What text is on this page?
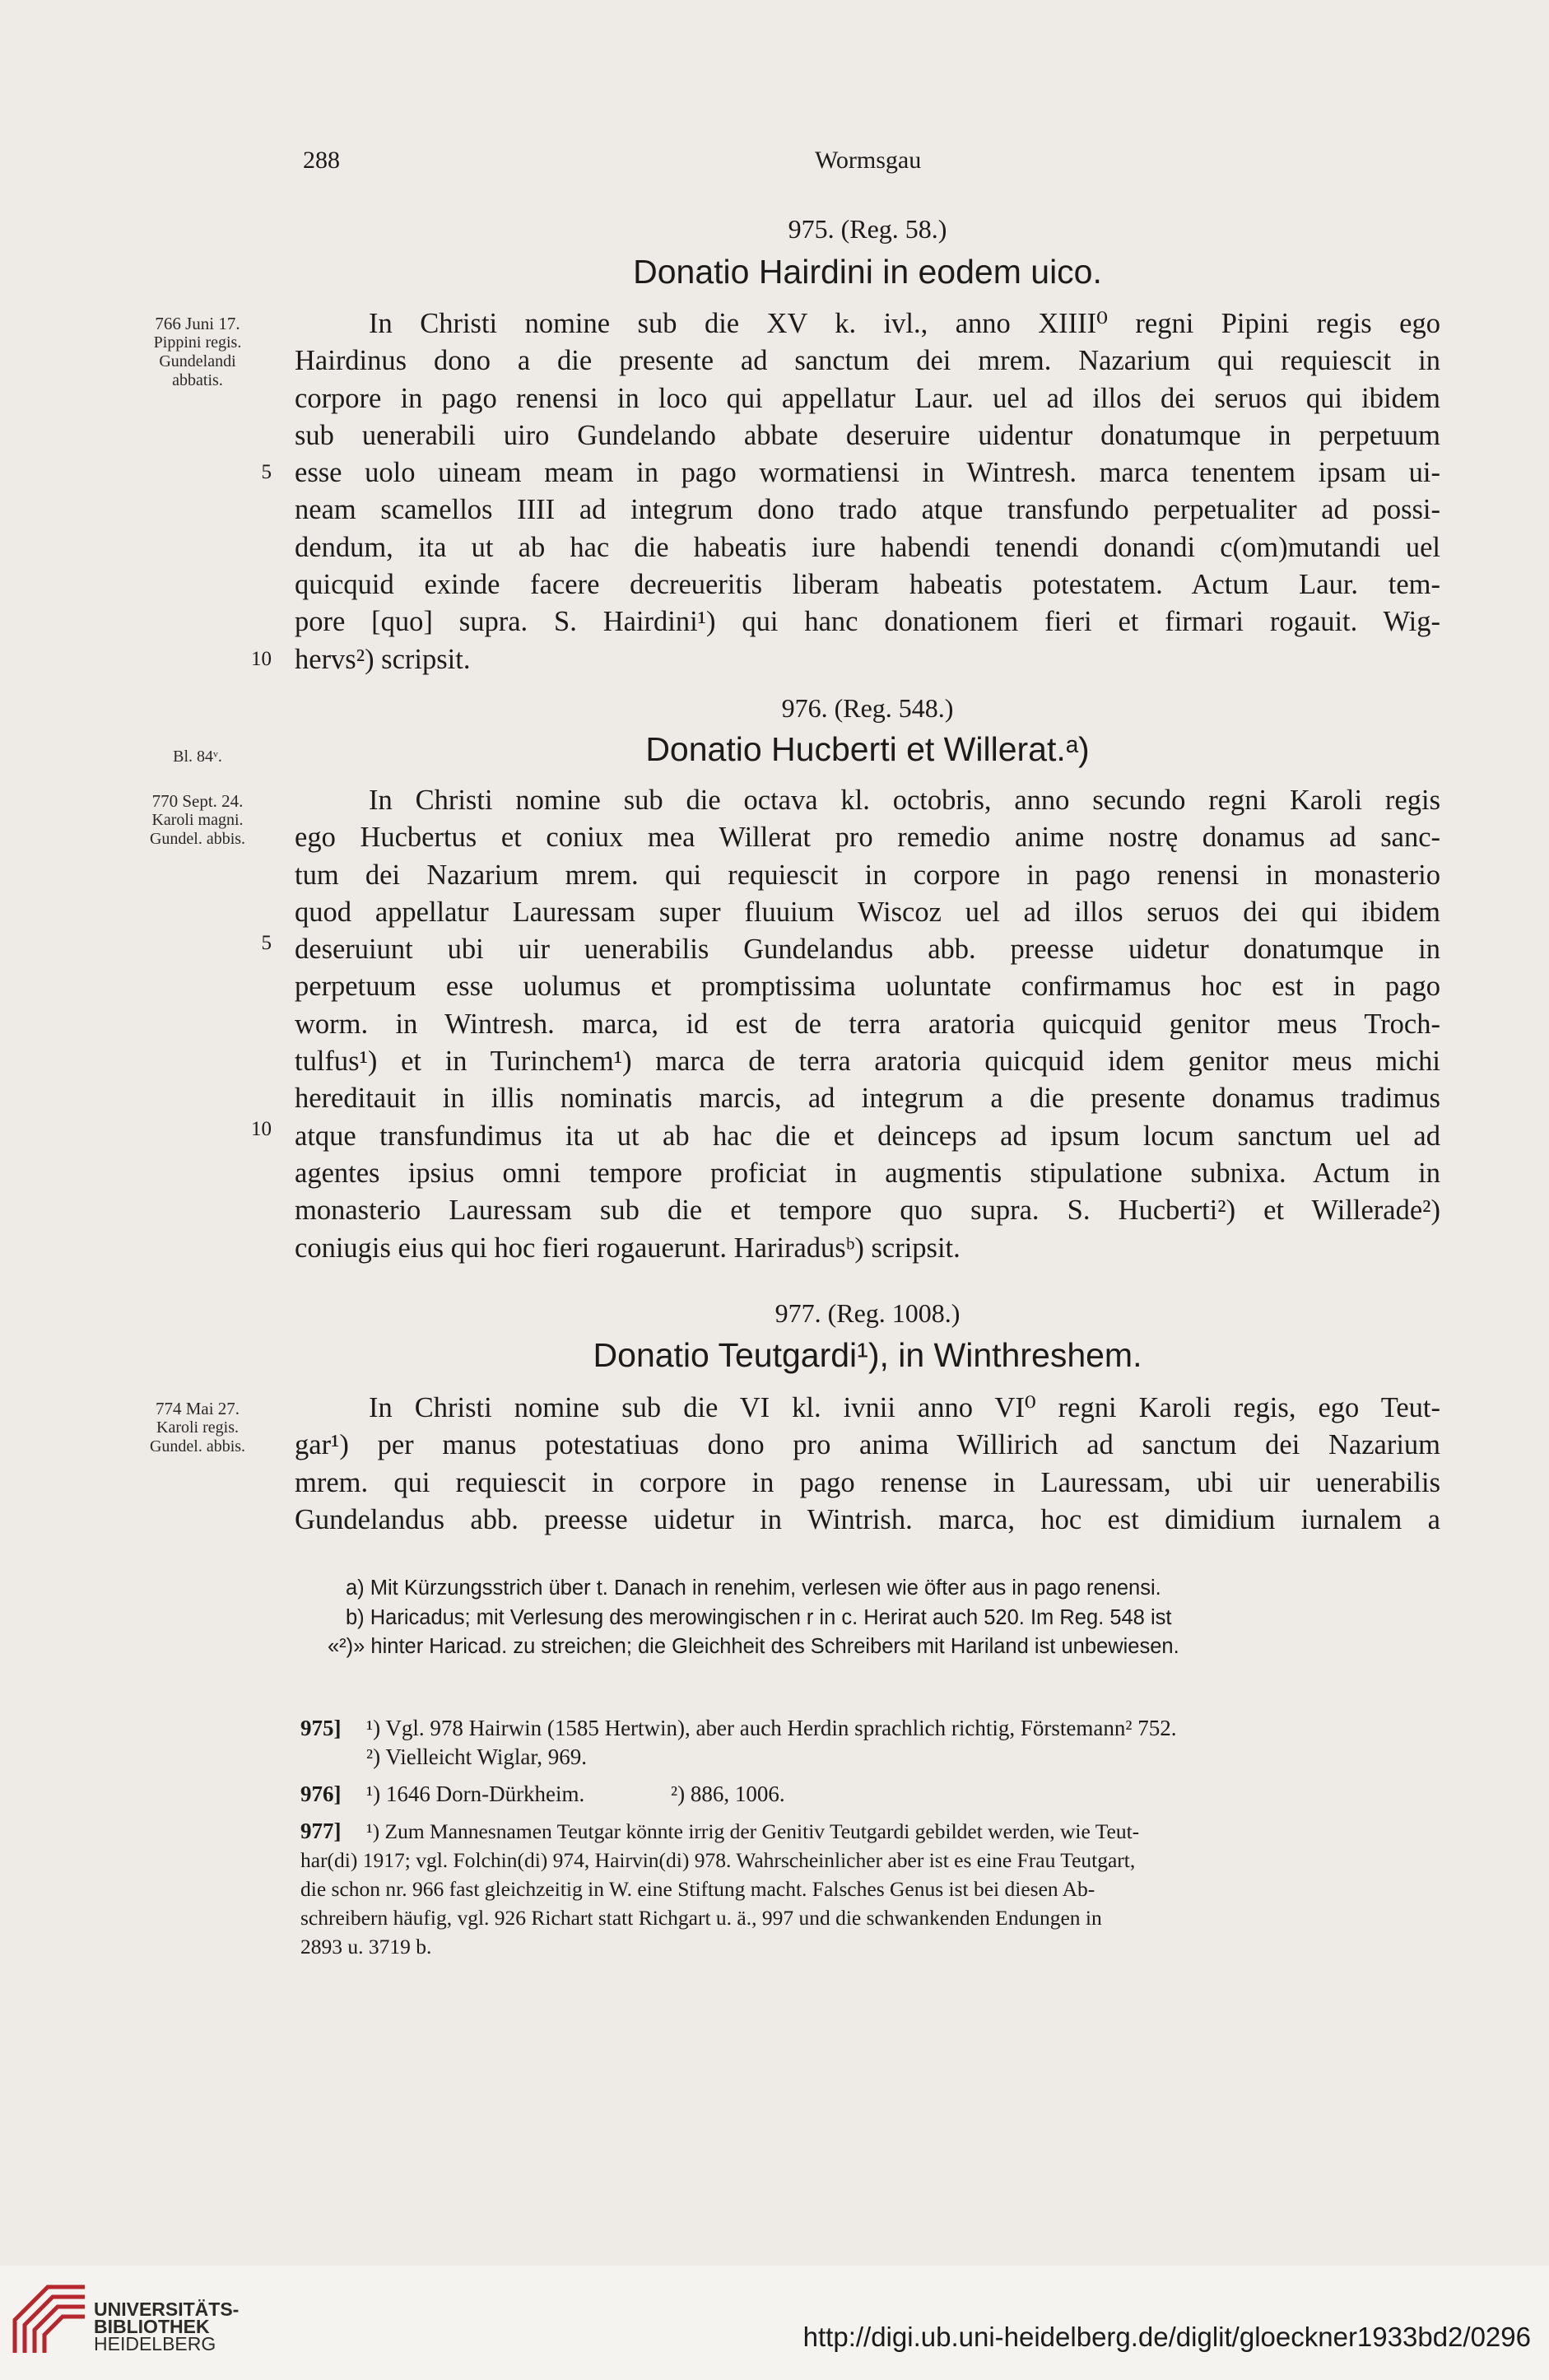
288	Wormsgau
975. (Reg. 58.)
Donatio Hairdini in eodem uico.
766 Juni 17.
Pippini regis.
Gundelandi
abbatis.
In Christi nomine sub die XV k. ivl., anno XIIII⁰ regni Pipini regis ego
Hairdinus dono a die presente ad sanctum dei mrem. Nazarium qui requiescit in
corpore in pago renensi in loco qui appellatur Laur. uel ad illos dei seruos qui ibidem
sub uenerabili uiro Gundelando abbate deseruire uidentur donatumque in perpetuum
esse uolo uineam meam in pago wormatiensi in Wintresh. marca tenentem ipsam ui-
neam scamellos IIII ad integrum dono trado atque transfundo perpetualiter ad possi-
dendum, ita ut ab hac die habeatis iure habendi tenendi donandi c(om)mutandi uel
quicquid exinde facere decreueritis liberam habeatis potestatem. Actum Laur. tem-
pore [quo] supra. S. Hairdini¹) qui hanc donationem fieri et firmari rogauit. Wig-
hervs²) scripsit.
5
10
976. (Reg. 548.)
Donatio Hucberti et Willerat.ᵃ)
Bl. 84ᵛ.
770 Sept. 24.
Karoli magni.
Gundel. abbis.
In Christi nomine sub die octava kl. octobris, anno secundo regni Karoli regis
ego Hucbertus et coniux mea Willerat pro remedio anime nostrę donamus ad sanc-
tum dei Nazarium mrem. qui requiescit in corpore in pago renensi in monasterio
quod appellatur Lauressam super fluuium Wiscoz uel ad illos seruos dei qui ibidem
deseruiunt ubi uir uenerabilis Gundelandus abb. preesse uidetur donatumque in
perpetuum esse uolumus et promptissima uoluntate confirmamus hoc est in pago
worm. in Wintresh. marca, id est de terra aratoria quicquid genitor meus Troch-
tulfus¹) et in Turinchem¹) marca de terra aratoria quicquid idem genitor meus michi
hereditauit in illis nominatis marcis, ad integrum a die presente donamus tradimus
atque transfundimus ita ut ab hac die et deinceps ad ipsum locum sanctum uel ad
agentes ipsius omni tempore proficiat in augmentis stipulatione subnixa. Actum in
monasterio Lauressam sub die et tempore quo supra. S. Hucberti²) et Willerade²)
coniugis eius qui hoc fieri rogauerunt. Hariradusᵇ) scripsit.
5
10
977. (Reg. 1008.)
Donatio Teutgardi¹), in Winthreshem.
774 Mai 27.
Karoli regis.
Gundel. abbis.
In Christi nomine sub die VI kl. ivnii anno VI⁰ regni Karoli regis, ego Teut-
gar¹) per manus potestatiuas dono pro anima Willirich ad sanctum dei Nazarium
mrem. qui requiescit in corpore in pago renense in Lauressam, ubi uir uenerabilis
Gundelandus abb. preesse uidetur in Wintrish. marca, hoc est dimidium iurnalem a
a) Mit Kürzungsstrich über t. Danach in renehim, verlesen wie öfter aus in pago renensi.
b) Haricadus; mit Verlesung des merowingischen r in c. Herirat auch 520. Im Reg. 548 ist
«²)» hinter Haricad. zu streichen; die Gleichheit des Schreibers mit Hariland ist unbewiesen.
975] ¹) Vgl. 978 Hairwin (1585 Hertwin), aber auch Herdin sprachlich richtig, Förstemann² 752.
²) Vielleicht Wiglar, 969.
976] ¹) 1646 Dorn-Dürkheim.	²) 886, 1006.
977] ¹) Zum Mannesnamen Teutgar könnte irrig der Genitiv Teutgardi gebildet werden, wie Teut-
har(di) 1917; vgl. Folchin(di) 974, Hairvin(di) 978. Wahrscheinlicher aber ist es eine Frau Teutgart,
die schon nr. 966 fast gleichzeitig in W. eine Stiftung macht. Falsches Genus ist bei diesen Ab-
schreibern häufig, vgl. 926 Richart statt Richgart u. ä., 997 und die schwankenden Endungen in
2893 u. 3719 b.
UNIVERSITÄTS-
BIBLIOTHEK
HEIDELBERG	http://digi.ub.uni-heidelberg.de/diglit/gloeckner1933bd2/0296
